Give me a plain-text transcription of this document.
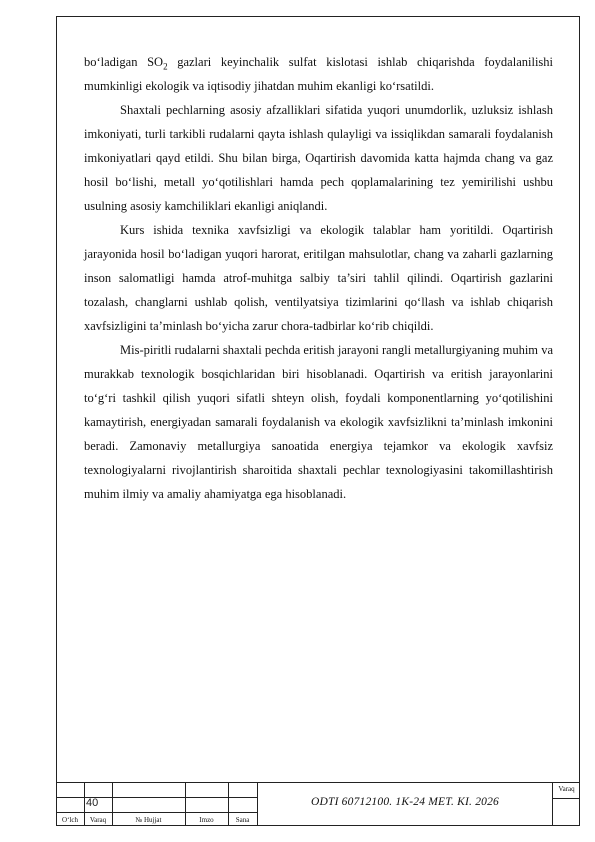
bo‘ladigan $SO_2$ gazlari keyinchalik sulfat kislotasi ishlab chiqarishda foydalanilishi mumkinligi ekologik va iqtisodiy jihatdan muhim ekanligi ko‘rsatildi.

Shaxtali pechlarning asosiy afzalliklari sifatida yuqori unumdorlik, uzluksiz ishlash imkoniyati, turli tarkibli rudalarni qayta ishlash qulayligi va issiqlikdan samarali foydalanish imkoniyatlari qayd etildi. Shu bilan birga, Oqartirish davomida katta hajmda chang va gaz hosil bo‘lishi, metall yo‘qotilishlari hamda pech qoplamalarining tez yemirilishi ushbu usulning asosiy kamchiliklari ekanligi aniqlandi.

Kurs ishida texnika xavfsizligi va ekologik talablar ham yoritildi. Oqartirish jarayonida hosil bo‘ladigan yuqori harorat, eritilgan mahsulotlar, chang va zaharli gazlarning inson salomatligi hamda atrof-muhitga salbiy ta’siri tahlil qilindi. Oqartirish gazlarini tozalash, changlarni ushlab qolish, ventilyatsiya tizimlarini qo‘llash va ishlab chiqarish xavfsizligini ta’minlash bo‘yicha zarur chora-tadbirlar ko‘rib chiqildi.

Mis-piritli rudalarni shaxtali pechda eritish jarayoni rangli metallurgiyaning muhim va murakkab texnologik bosqichlaridan biri hisoblanadi. Oqartirish va eritish jarayonlarini to‘g‘ri tashkil qilish yuqori sifatli shteyn olish, foydali komponentlarning yo‘qotilishini kamaytirish, energiyadan samarali foydalanish va ekologik xavfsizlikni ta’minlash imkonini beradi. Zamonaviy metallurgiya sanoatida energiya tejamkor va ekologik xavfsiz texnologiyalarni rivojlantirish sharoitida shaxtali pechlar texnologiyasini takomillashtirish muhim ilmiy va amaliy ahamiyatga ega hisoblanadi.

40
O‘lch	Varaq	№ Hujjat	Imzo	Sana
ODTI 60712100. 1K-24 MET. KI. 2026
Varaq
